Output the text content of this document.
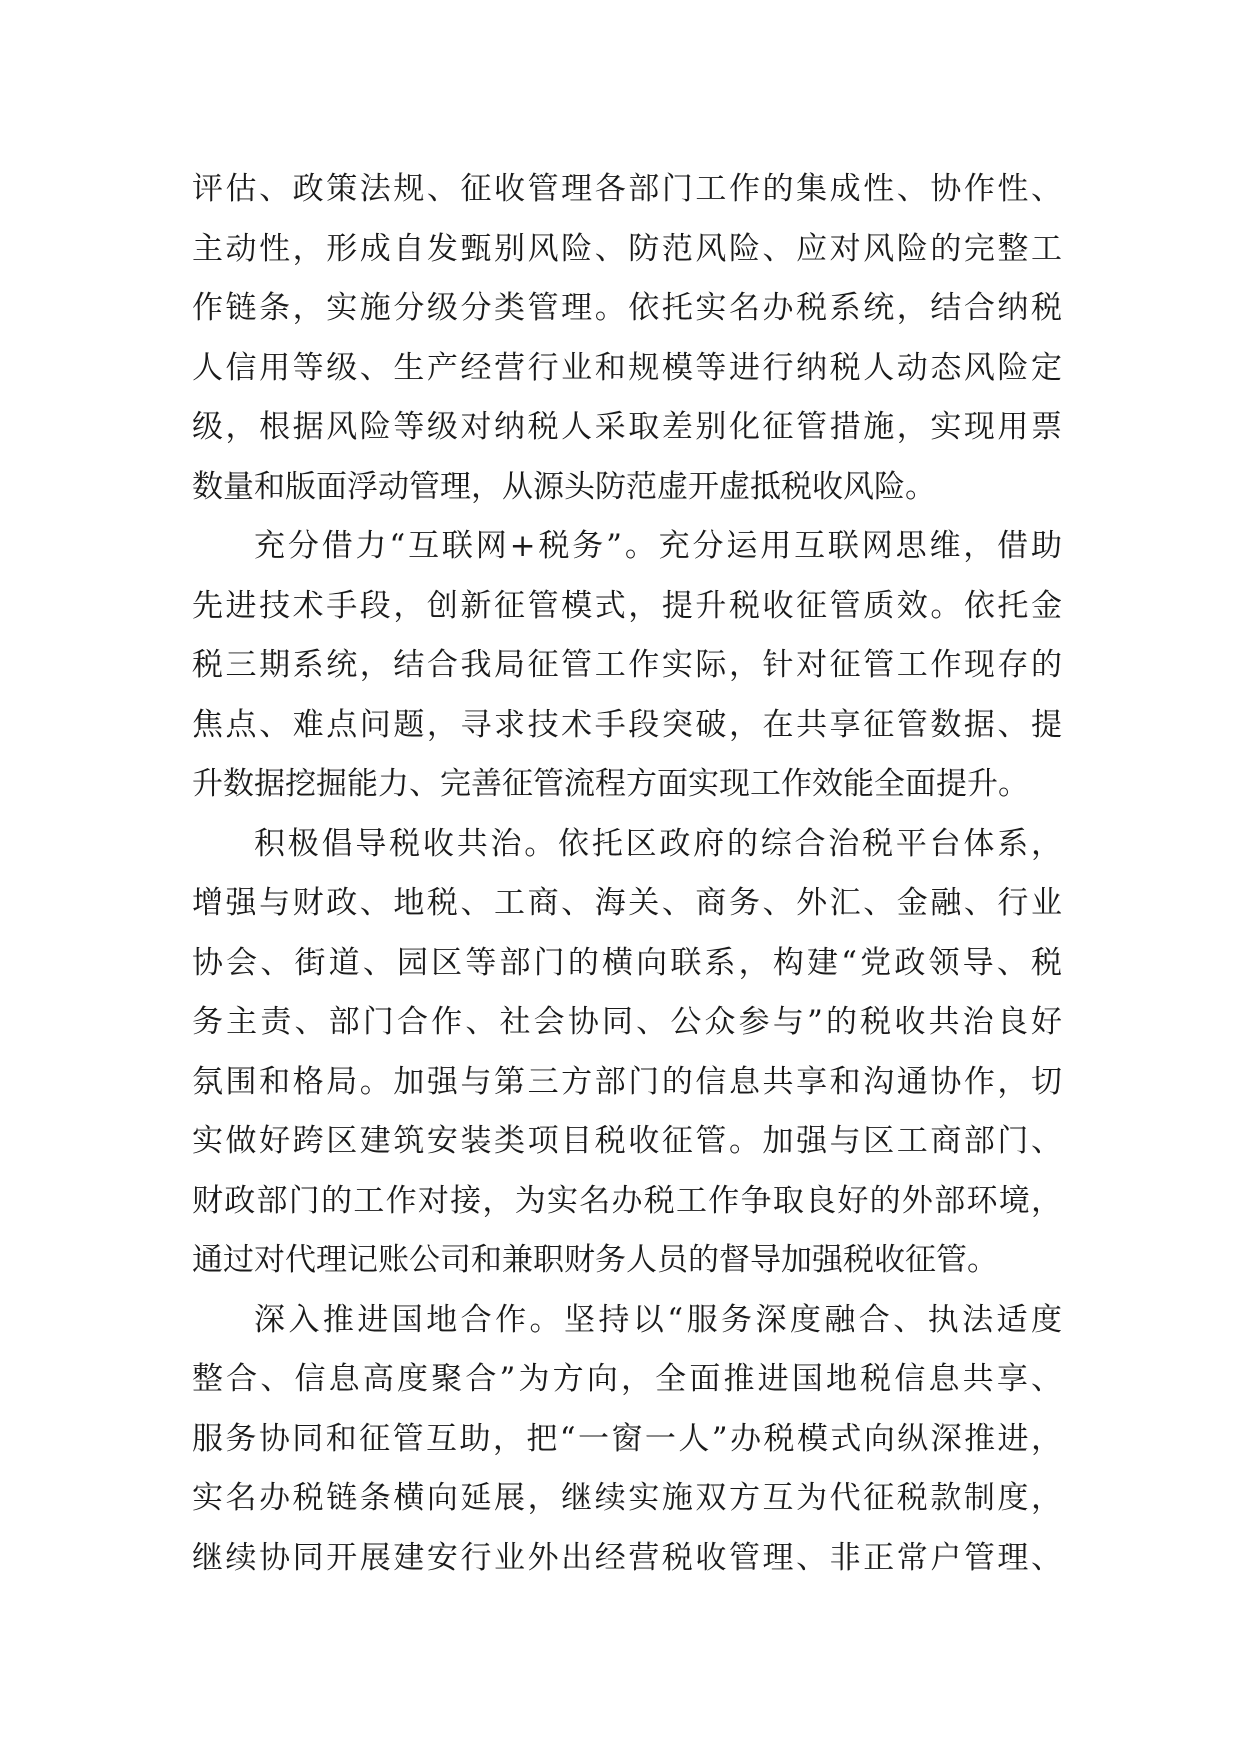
评估、政策法规、征收管理各部门工作的集成性、协作性、
主动性，形成自发甄别风险、防范风险、应对风险的完整工
作链条，实施分级分类管理。依托实名办税系统，结合纳税
人信用等级、生产经营行业和规模等进行纳税人动态风险定
级，根据风险等级对纳税人采取差别化征管措施，实现用票
数量和版面浮动管理，从源头防范虚开虚抵税收风险。
充分借力“互联网+税务”。充分运用互联网思维，借助
先进技术手段，创新征管模式，提升税收征管质效。依托金
税三期系统，结合我局征管工作实际，针对征管工作现存的
焦点、难点问题，寻求技术手段突破，在共享征管数据、提
升数据挖掘能力、完善征管流程方面实现工作效能全面提升。
积极倡导税收共治。依托区政府的综合治税平台体系，
增强与财政、地税、工商、海关、商务、外汇、金融、行业
协会、街道、园区等部门的横向联系，构建“党政领导、税
务主责、部门合作、社会协同、公众参与”的税收共治良好
氛围和格局。加强与第三方部门的信息共享和沟通协作，切
实做好跨区建筑安装类项目税收征管。加强与区工商部门、
财政部门的工作对接，为实名办税工作争取良好的外部环境，
通过对代理记账公司和兼职财务人员的督导加强税收征管。
深入推进国地合作。坚持以“服务深度融合、执法适度
整合、信息高度聚合”为方向，全面推进国地税信息共享、
服务协同和征管互助，把“一窗一人”办税模式向纵深推进，
实名办税链条横向延展，继续实施双方互为代征税款制度，
继续协同开展建安行业外出经营税收管理、非正常户管理、
